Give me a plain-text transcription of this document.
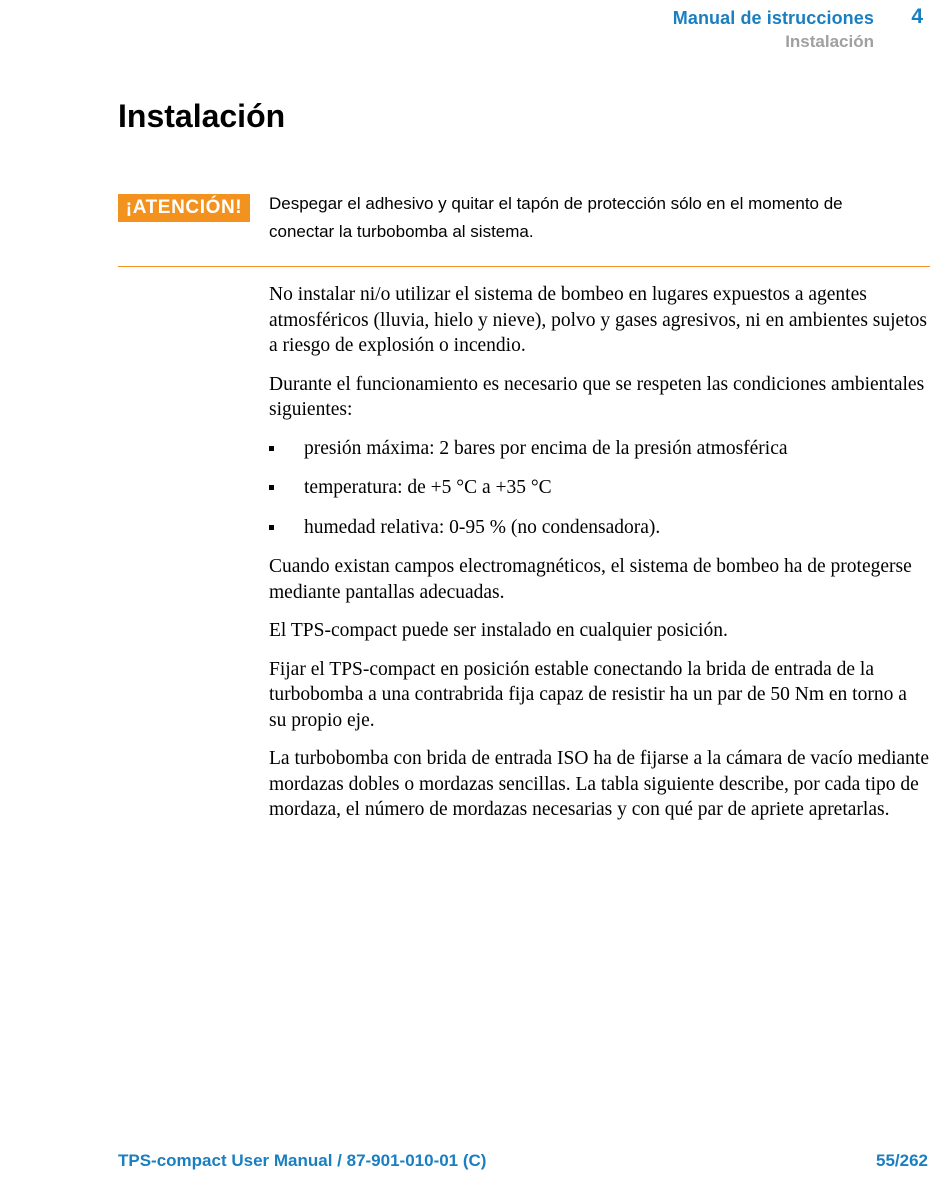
Manual de istrucciones 4
Instalación
Instalación
¡ATENCIÓN!	Despegar el adhesivo y quitar el tapón de protección sólo en el momento de conectar la turbobomba al sistema.

No instalar ni/o utilizar el sistema de bombeo en lugares expuestos a agentes atmosféricos (lluvia, hielo y nieve), polvo y gases agresivos, ni en ambientes sujetos a riesgo de explosión o incendio.

Durante el funcionamiento es necesario que se respeten las condiciones ambientales siguientes:

presión máxima: 2 bares por encima de la presión atmosférica
temperatura: de +5 °C a +35 °C
humedad relativa: 0-95 % (no condensadora).

Cuando existan campos electromagnéticos, el sistema de bombeo ha de protegerse mediante pantallas adecuadas.

El TPS-compact puede ser instalado en cualquier posición.

Fijar el TPS-compact en posición estable conectando la brida de entrada de la turbobomba a una contrabrida fija capaz de resistir ha un par de 50 Nm en torno a su propio eje.

La turbobomba con brida de entrada ISO ha de fijarse a la cámara de vacío mediante mordazas dobles o mordazas sencillas. La tabla siguiente describe, por cada tipo de mordaza, el número de mordazas necesarias y con qué par de apriete apretarlas.

TPS-compact User Manual / 87-901-010-01 (C)	55/262
